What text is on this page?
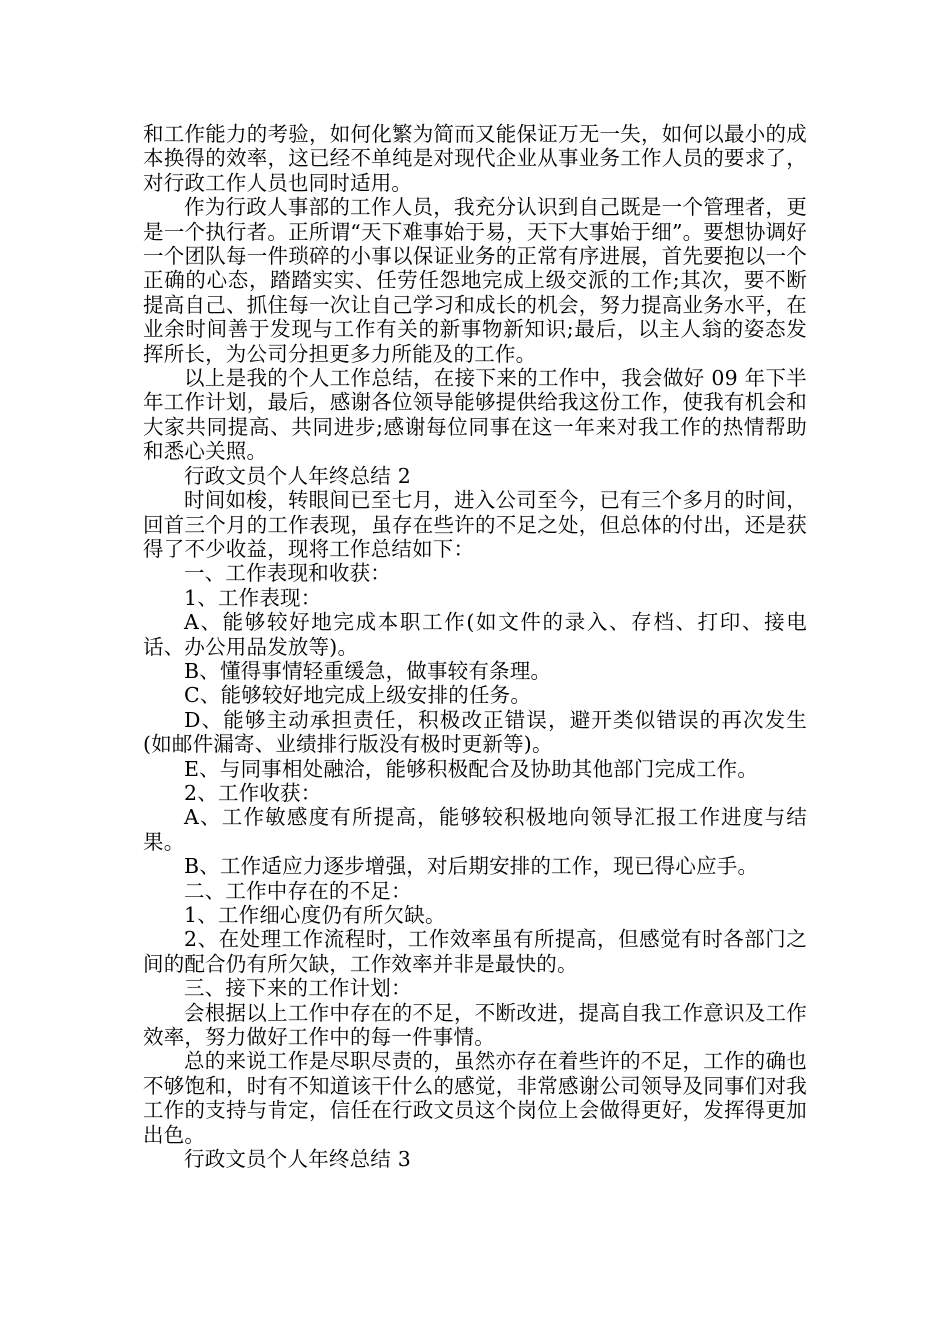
和工作能力的考验，如何化繁为简而又能保证万无一失，如何以最小的成本换得的效率，这已经不单纯是对现代企业从事业务工作人员的要求了，对行政工作人员也同时适用。

作为行政人事部的工作人员，我充分认识到自己既是一个管理者，更是一个执行者。正所谓“天下难事始于易，天下大事始于细”。要想协调好一个团队每一件琐碎的小事以保证业务的正常有序进展，首先要抱以一个正确的心态，踏踏实实、任劳任怨地完成上级交派的工作;其次，要不断提高自己、抓住每一次让自己学习和成长的机会，努力提高业务水平，在业余时间善于发现与工作有关的新事物新知识;最后，以主人翁的姿态发挥所长，为公司分担更多力所能及的工作。

以上是我的个人工作总结，在接下来的工作中，我会做好 09 年下半年工作计划，最后，感谢各位领导能够提供给我这份工作，使我有机会和大家共同提高、共同进步;感谢每位同事在这一年来对我工作的热情帮助和悉心关照。

行政文员个人年终总结 2

时间如梭，转眼间已至七月，进入公司至今，已有三个多月的时间，回首三个月的工作表现，虽存在些许的不足之处，但总体的付出，还是获得了不少收益，现将工作总结如下：

一、工作表现和收获：

1、工作表现：

A、能够较好地完成本职工作(如文件的录入、存档、打印、接电话、办公用品发放等)。

B、懂得事情轻重缓急，做事较有条理。

C、能够较好地完成上级安排的任务。

D、能够主动承担责任，积极改正错误，避开类似错误的再次发生(如邮件漏寄、业绩排行版没有极时更新等)。

E、与同事相处融洽，能够积极配合及协助其他部门完成工作。

2、工作收获：

A、工作敏感度有所提高，能够较积极地向领导汇报工作进度与结果。

B、工作适应力逐步增强，对后期安排的工作，现已得心应手。

二、工作中存在的不足：

1、工作细心度仍有所欠缺。

2、在处理工作流程时，工作效率虽有所提高，但感觉有时各部门之间的配合仍有所欠缺，工作效率并非是最快的。

三、接下来的工作计划：

会根据以上工作中存在的不足，不断改进，提高自我工作意识及工作效率，努力做好工作中的每一件事情。

总的来说工作是尽职尽责的，虽然亦存在着些许的不足，工作的确也不够饱和，时有不知道该干什么的感觉，非常感谢公司领导及同事们对我工作的支持与肯定，信任在行政文员这个岗位上会做得更好，发挥得更加出色。

行政文员个人年终总结 3
